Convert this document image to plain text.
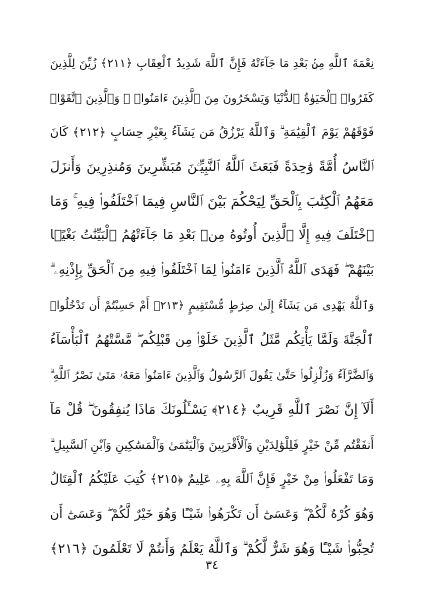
نِعْمَةَ ٱللَّهِ مِنۢ بَعْدِ مَا جَآءَتْهُ فَإِنَّ ٱللَّهَ شَدِيدُ ٱلْعِقَابِ ﴿٢١١﴾ زُيِّنَ لِلَّذِينَ
كَفَرُوا۟ ٱلْحَيَوٰةُ ٱلدُّنْيَا وَيَسْخَرُونَ مِنَ ٱلَّذِينَ ءَامَنُوا۟ ۘ وَٱلَّذِينَ ٱتَّقَوْا۟
فَوْقَهُمْ يَوْمَ ٱلْقِيَٰمَةِ ۗ وَٱللَّهُ يَرْزُقُ مَن يَشَآءُ بِغَيْرِ حِسَابٍ ﴿٢١٢﴾ كَانَ
ٱلنَّاسُ أُمَّةً وَٰحِدَةً فَبَعَثَ ٱللَّهُ ٱلنَّبِيِّـۧنَ مُبَشِّرِينَ وَمُنذِرِينَ وَأَنزَلَ
مَعَهُمُ ٱلْكِتَٰبَ بِٱلْحَقِّ لِيَحْكُمَ بَيْنَ ٱلنَّاسِ فِيمَا ٱخْتَلَفُوا۟ فِيهِ ۚ وَمَا
ٱخْتَلَفَ فِيهِ إِلَّا ٱلَّذِينَ أُوتُوهُ مِنۢ بَعْدِ مَا جَآءَتْهُمُ ٱلْبَيِّنَٰتُ بَغْيًۢا
بَيْنَهُمْ ۖ فَهَدَى ٱللَّهُ ٱلَّذِينَ ءَامَنُوا۟ لِمَا ٱخْتَلَفُوا۟ فِيهِ مِنَ ٱلْحَقِّ بِإِذْنِهِۦ ۗ
وَٱللَّهُ يَهْدِى مَن يَشَآءُ إِلَىٰ صِرَٰطٍ مُّسْتَقِيمٍ ﴿٢١٣﴾ أَمْ حَسِبْتُمْ أَن تَدْخُلُوا۟
ٱلْجَنَّةَ وَلَمَّا يَأْتِكُم مَّثَلُ ٱلَّذِينَ خَلَوْا۟ مِن قَبْلِكُم ۖ مَّسَّتْهُمُ ٱلْبَأْسَآءُ
وَٱلضَّرَّآءُ وَزُلْزِلُوا۟ حَتَّىٰ يَقُولَ ٱلرَّسُولُ وَٱلَّذِينَ ءَامَنُوا۟ مَعَهُۥ مَتَىٰ نَصْرُ ٱللَّهِ ۗ
أَلَآ إِنَّ نَصْرَ ٱللَّهِ قَرِيبٌ ﴿٢١٤﴾ يَسْـَٔلُونَكَ مَاذَا يُنفِقُونَ ۖ قُلْ مَآ
أَنفَقْتُم مِّنْ خَيْرٍ فَلِلْوَٰلِدَيْنِ وَٱلْأَقْرَبِينَ وَٱلْيَتَٰمَىٰ وَٱلْمَسَٰكِينِ وَٱبْنِ ٱلسَّبِيلِ ۗ
وَمَا تَفْعَلُوا۟ مِنْ خَيْرٍ فَإِنَّ ٱللَّهَ بِهِۦ عَلِيمٌ ﴿٢١٥﴾ كُتِبَ عَلَيْكُمُ ٱلْقِتَالُ
وَهُوَ كُرْهٌ لَّكُمْ ۖ وَعَسَىٰٓ أَن تَكْرَهُوا۟ شَيْـًٔا وَهُوَ خَيْرٌ لَّكُمْ ۖ وَعَسَىٰٓ أَن
تُحِبُّوا۟ شَيْـًٔا وَهُوَ شَرٌّ لَّكُمْ ۗ وَٱللَّهُ يَعْلَمُ وَأَنتُمْ لَا تَعْلَمُونَ ﴿٢١٦﴾
٣٤
